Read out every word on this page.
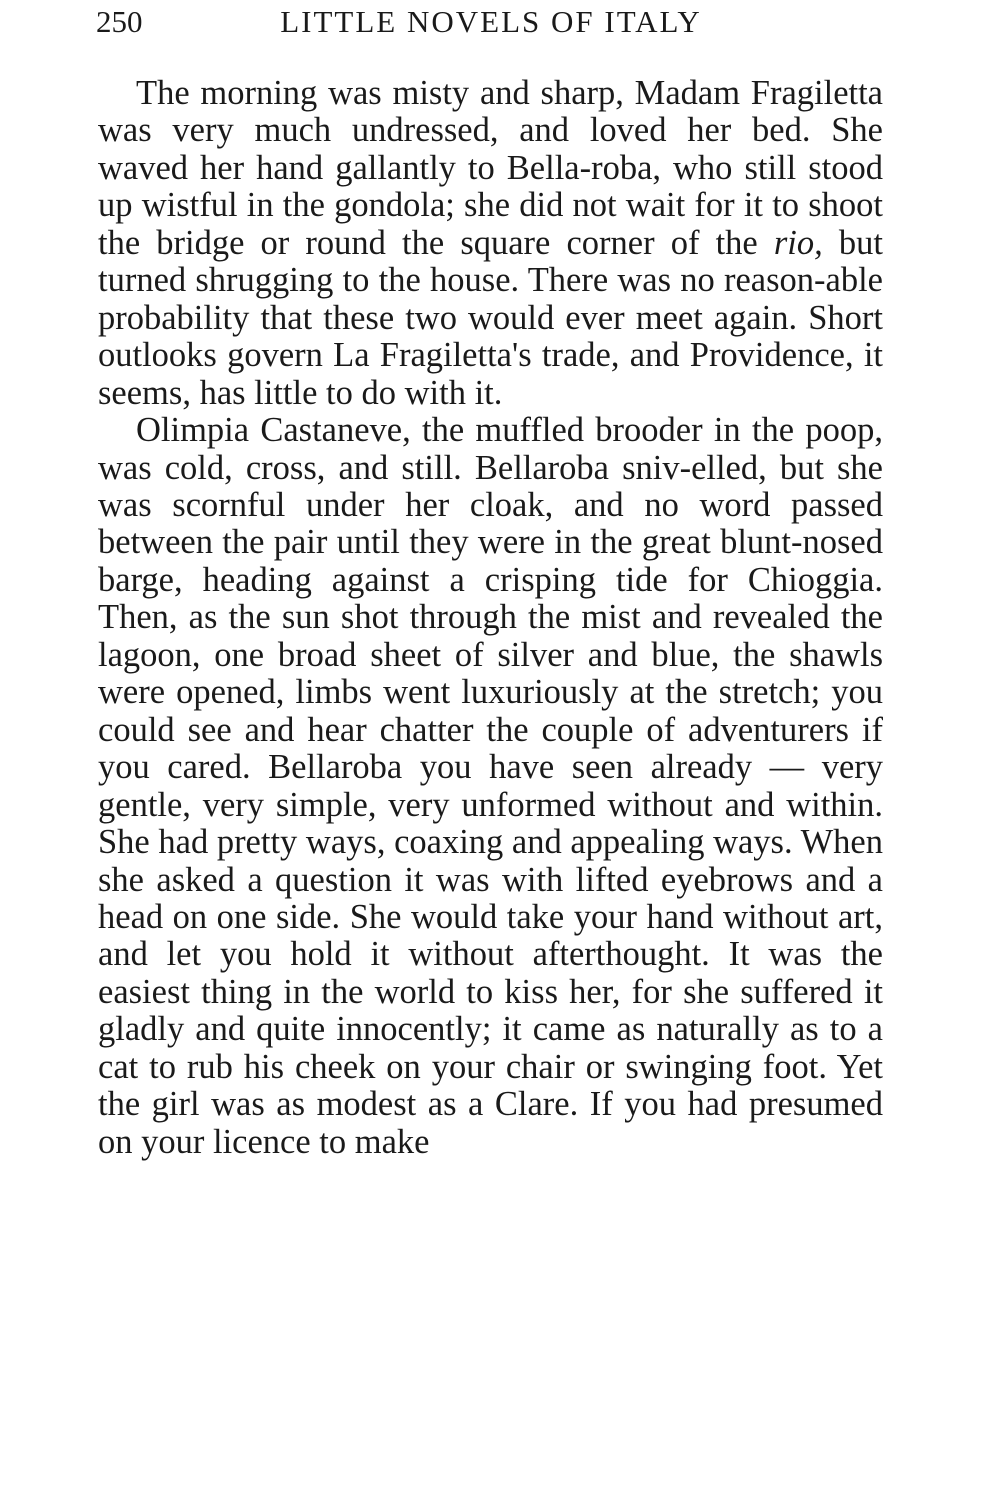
250	LITTLE NOVELS OF ITALY

The morning was misty and sharp, Madam Fragiletta was very much undressed, and loved her bed. She waved her hand gallantly to Bella-roba, who still stood up wistful in the gondola; she did not wait for it to shoot the bridge or round the square corner of the rio, but turned shrugging to the house. There was no reason-able probability that these two would ever meet again. Short outlooks govern La Fragiletta's trade, and Providence, it seems, has little to do with it.

Olimpia Castaneve, the muffled brooder in the poop, was cold, cross, and still. Bellaroba sniv-elled, but she was scornful under her cloak, and no word passed between the pair until they were in the great blunt-nosed barge, heading against a crisping tide for Chioggia. Then, as the sun shot through the mist and revealed the lagoon, one broad sheet of silver and blue, the shawls were opened, limbs went luxuriously at the stretch; you could see and hear chatter the couple of adventurers if you cared. Bellaroba you have seen already — very gentle, very simple, very unformed without and within. She had pretty ways, coaxing and appealing ways. When she asked a question it was with lifted eyebrows and a head on one side. She would take your hand without art, and let you hold it without afterthought. It was the easiest thing in the world to kiss her, for she suffered it gladly and quite innocently; it came as naturally as to a cat to rub his cheek on your chair or swinging foot. Yet the girl was as modest as a Clare. If you had presumed on your licence to make
